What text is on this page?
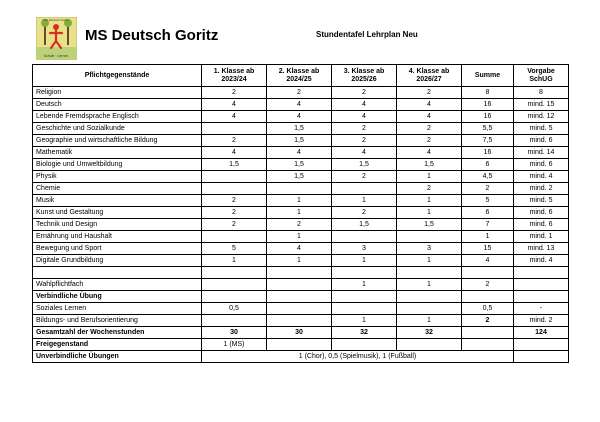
MS Deutsch Goritz
Schule · Lernen
MS Deutsch Goritz	Stundentafel Lehrplan Neu
Pflichtgegenstände	1. Klasse ab 2023/24	2. Klasse ab 2024/25	3. Klasse ab 2025/26	4. Klasse ab 2026/27	Summe	Vorgabe SchUG
Religion	2	2	2	2	8	8
Deutsch	4	4	4	4	16	mind. 15
Lebende Fremdsprache Englisch	4	4	4	4	16	mind. 12
Geschichte und Sozialkunde		1,5	2	2	5,5	mind. 5
Geographie und wirtschaftliche Bildung	2	1,5	2	2	7,5	mind. 6
Mathematik	4	4	4	4	16	mind. 14
Biologie und Umweltbildung	1,5	1,5	1,5	1,5	6	mind. 6
Physik		1,5	2	1	4,5	mind. 4
Chemie				2	2	mind. 2
Musik	2	1	1	1	5	mind. 5
Kunst und Gestaltung	2	1	2	1	6	mind. 6
Technik und Design	2	2	1,5	1,5	7	mind. 6
Ernährung und Haushalt		1			1	mind. 1
Bewegung und Sport	5	4	3	3	15	mind. 13
Digitale Grundbildung	1	1	1	1	4	mind. 4

Wahlpflichtfach			1	1	2	
Verbindliche Übung						
Soziales Lernen	0,5				0,5	-
Bildungs- und Berufsorientierung			1	1	2	mind. 2
Gesamtzahl der Wochenstunden	30	30	32	32		124
Freigegenstand	1 (MS)					
Unverbindliche Übungen	1 (Chor), 0,5 (Spielmusik), 1 (Fußball)					
